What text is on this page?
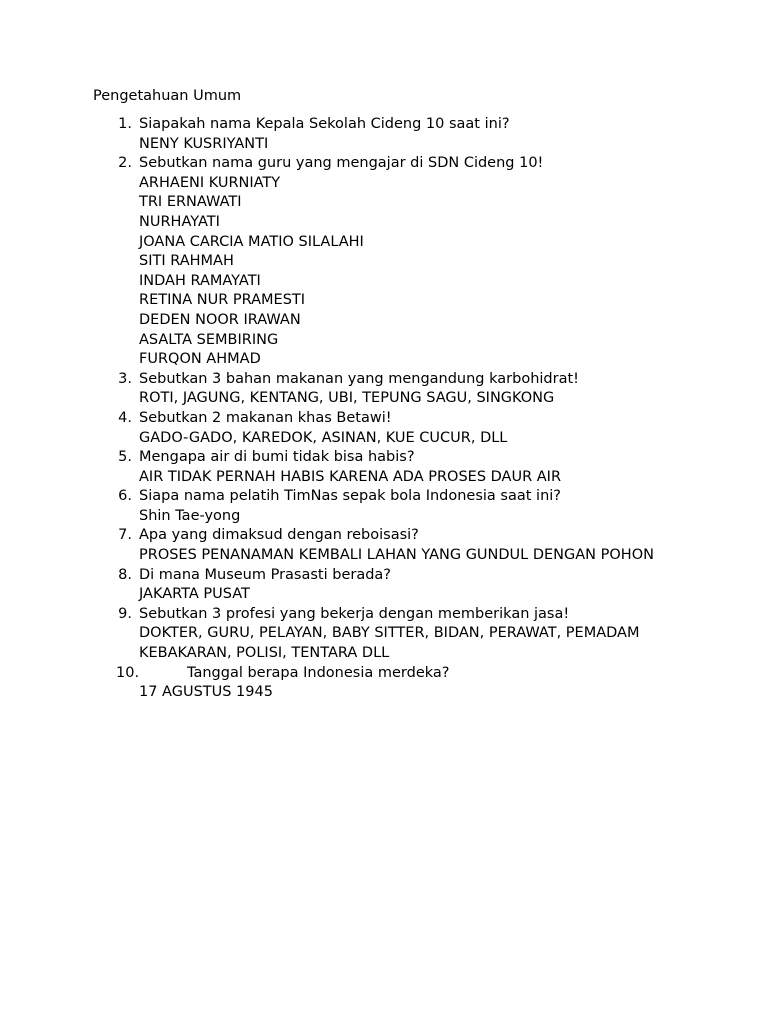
Pengetahuan Umum
1. Siapakah nama Kepala Sekolah Cideng 10 saat ini?
NENY KUSRIYANTI
2. Sebutkan nama guru yang mengajar di SDN Cideng 10!
ARHAENI KURNIATY
TRI ERNAWATI
NURHAYATI
JOANA CARCIA MATIO SILALAHI
SITI RAHMAH
INDAH RAMAYATI
RETINA NUR PRAMESTI
DEDEN NOOR IRAWAN
ASALTA SEMBIRING
FURQON AHMAD
3. Sebutkan 3 bahan makanan yang mengandung karbohidrat!
ROTI, JAGUNG, KENTANG, UBI, TEPUNG SAGU, SINGKONG
4. Sebutkan 2 makanan khas Betawi!
GADO-GADO, KAREDOK, ASINAN, KUE CUCUR, DLL
5. Mengapa air di bumi tidak bisa habis?
AIR TIDAK PERNAH HABIS KARENA ADA PROSES DAUR AIR
6. Siapa nama pelatih TimNas sepak bola Indonesia saat ini?
Shin Tae-yong
7. Apa yang dimaksud dengan reboisasi?
PROSES PENANAMAN KEMBALI LAHAN YANG GUNDUL DENGAN POHON
8. Di mana Museum Prasasti berada?
JAKARTA PUSAT
9. Sebutkan 3 profesi yang bekerja dengan memberikan jasa!
DOKTER, GURU, PELAYAN, BABY SITTER, BIDAN, PERAWAT, PEMADAM KEBAKARAN, POLISI, TENTARA DLL
10.	Tanggal berapa Indonesia merdeka?
17 AGUSTUS 1945
